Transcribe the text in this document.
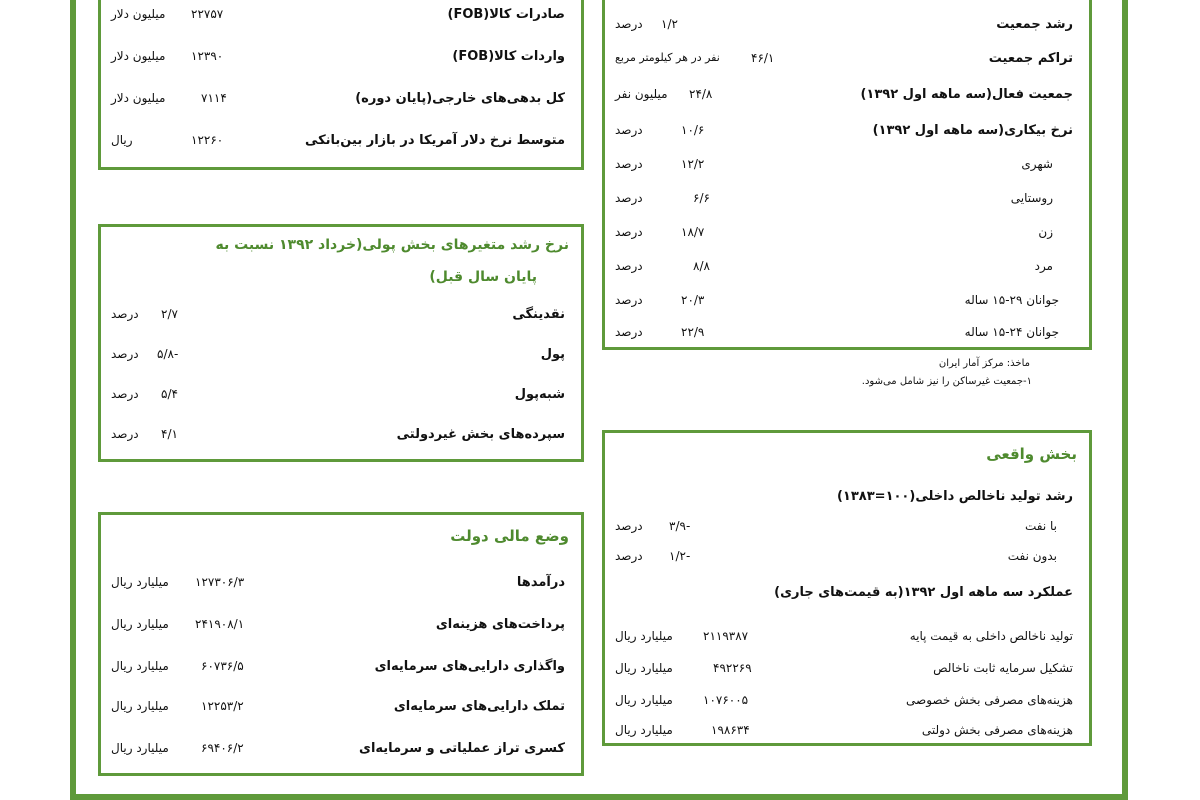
صادرات کالا(FOB)
۲۲۷۵۷
میلیون دلار
واردات کالا(FOB)
۱۲۳۹۰
میلیون دلار
کل بدهی‌های خارجی(پایان دوره)
۷۱۱۴
میلیون دلار
متوسط نرخ دلار آمریکا در بازار بین‌بانکی
۱۲۲۶۰
ریال
نرخ رشد متغیرهای بخش پولی(خرداد ۱۳۹۲ نسبت به
پایان سال قبل)
نقدینگی
۲/۷
درصد
پول
-۵/۸
درصد
شبه‌پول
۵/۴
درصد
سپرده‌های بخش غیردولتی
۴/۱
درصد
وضع مالی دولت
درآمدها
۱۲۷۳۰۶/۳
میلیارد ریال
پرداخت‌های هزینه‌ای
۲۴۱۹۰۸/۱
میلیارد ریال
واگذاری دارایی‌های سرمایه‌ای
۶۰۷۳۶/۵
میلیارد ریال
تملک دارایی‌های سرمایه‌ای
۱۲۲۵۳/۲
میلیارد ریال
کسری تراز عملیاتی و سرمایه‌ای
۶۹۴۰۶/۲
میلیارد ریال
رشد جمعیت
۱/۲
درصد
تراکم جمعیت
۴۶/۱
نفر در هر کیلومتر مربع
جمعیت فعال(سه ماهه اول ۱۳۹۲)
۲۴/۸
میلیون نفر
نرخ بیکاری(سه ماهه اول ۱۳۹۲)
۱۰/۶
درصد
شهری
۱۲/۲
درصد
روستایی
۶/۶
درصد
زن
۱۸/۷
درصد
مرد
۸/۸
درصد
جوانان ۲۹-۱۵ ساله
۲۰/۳
درصد
جوانان ۲۴-۱۵ ساله
۲۲/۹
درصد
ماخذ: مرکز آمار ایران
۱-جمعیت غیرساکن را نیز شامل می‌شود.
بخش واقعی
رشد تولید ناخالص داخلی(۱۰۰=۱۳۸۳)
با نفت
-۳/۹
درصد
بدون نفت
-۱/۲
درصد
عملکرد سه ماهه اول ۱۳۹۲(به قیمت‌های جاری)
تولید ناخالص داخلی به قیمت پایه
۲۱۱۹۳۸۷
میلیارد ریال
تشکیل سرمایه ثابت ناخالص
۴۹۲۲۶۹
میلیارد ریال
هزینه‌های مصرفی بخش خصوصی
۱۰۷۶۰۰۵
میلیارد ریال
هزینه‌های مصرفی بخش دولتی
۱۹۸۶۳۴
میلیارد ریال
